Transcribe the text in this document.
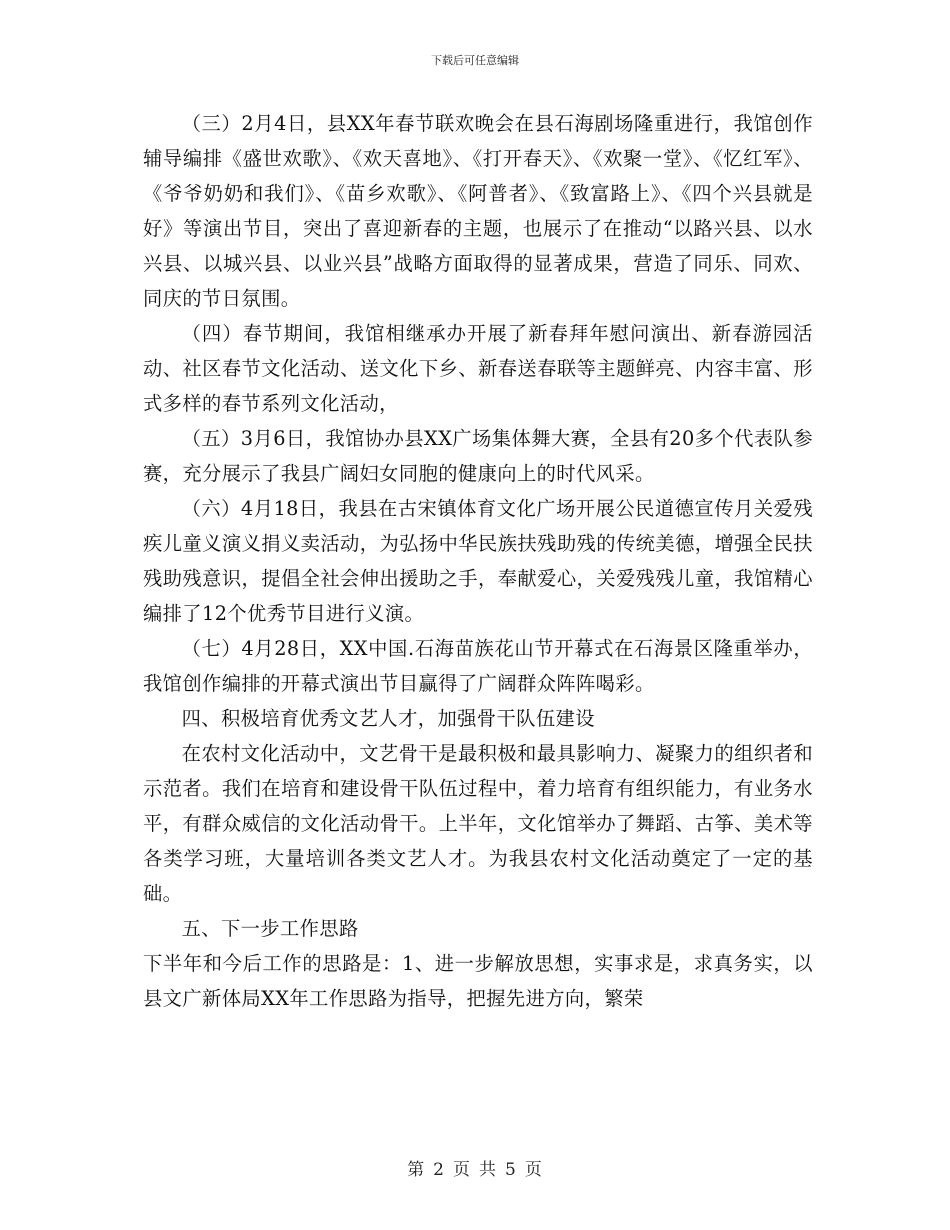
下载后可任意编辑

（三）2月4日，县XX年春节联欢晚会在县石海剧场隆重进行，我馆创作辅导编排《盛世欢歌》、《欢天喜地》、《打开春天》、《欢聚一堂》、《忆红军》、《爷爷奶奶和我们》、《苗乡欢歌》、《阿普者》、《致富路上》、《四个兴县就是好》等演出节目，突出了喜迎新春的主题，也展示了在推动“以路兴县、以水兴县、以城兴县、以业兴县”战略方面取得的显著成果，营造了同乐、同欢、同庆的节日氛围。

（四）春节期间，我馆相继承办开展了新春拜年慰问演出、新春游园活动、社区春节文化活动、送文化下乡、新春送春联等主题鲜亮、内容丰富、形式多样的春节系列文化活动，

（五）3月6日，我馆协办县XX广场集体舞大赛，全县有20多个代表队参赛，充分展示了我县广阔妇女同胞的健康向上的时代风采。

（六）4月18日，我县在古宋镇体育文化广场开展公民道德宣传月关爱残疾儿童义演义捐义卖活动，为弘扬中华民族扶残助残的传统美德，增强全民扶残助残意识，提倡全社会伸出援助之手，奉献爱心，关爱残残儿童，我馆精心编排了12个优秀节目进行义演。

（七）4月28日，XX中国.石海苗族花山节开幕式在石海景区隆重举办，我馆创作编排的开幕式演出节目赢得了广阔群众阵阵喝彩。

四、积极培育优秀文艺人才，加强骨干队伍建设

在农村文化活动中，文艺骨干是最积极和最具影响力、凝聚力的组织者和示范者。我们在培育和建设骨干队伍过程中，着力培育有组织能力，有业务水平，有群众威信的文化活动骨干。上半年，文化馆举办了舞蹈、古筝、美术等各类学习班，大量培训各类文艺人才。为我县农村文化活动奠定了一定的基础。

五、下一步工作思路

下半年和今后工作的思路是：1、进一步解放思想，实事求是，求真务实，以县文广新体局XX年工作思路为指导，把握先进方向，繁荣

第 2 页 共 5 页
